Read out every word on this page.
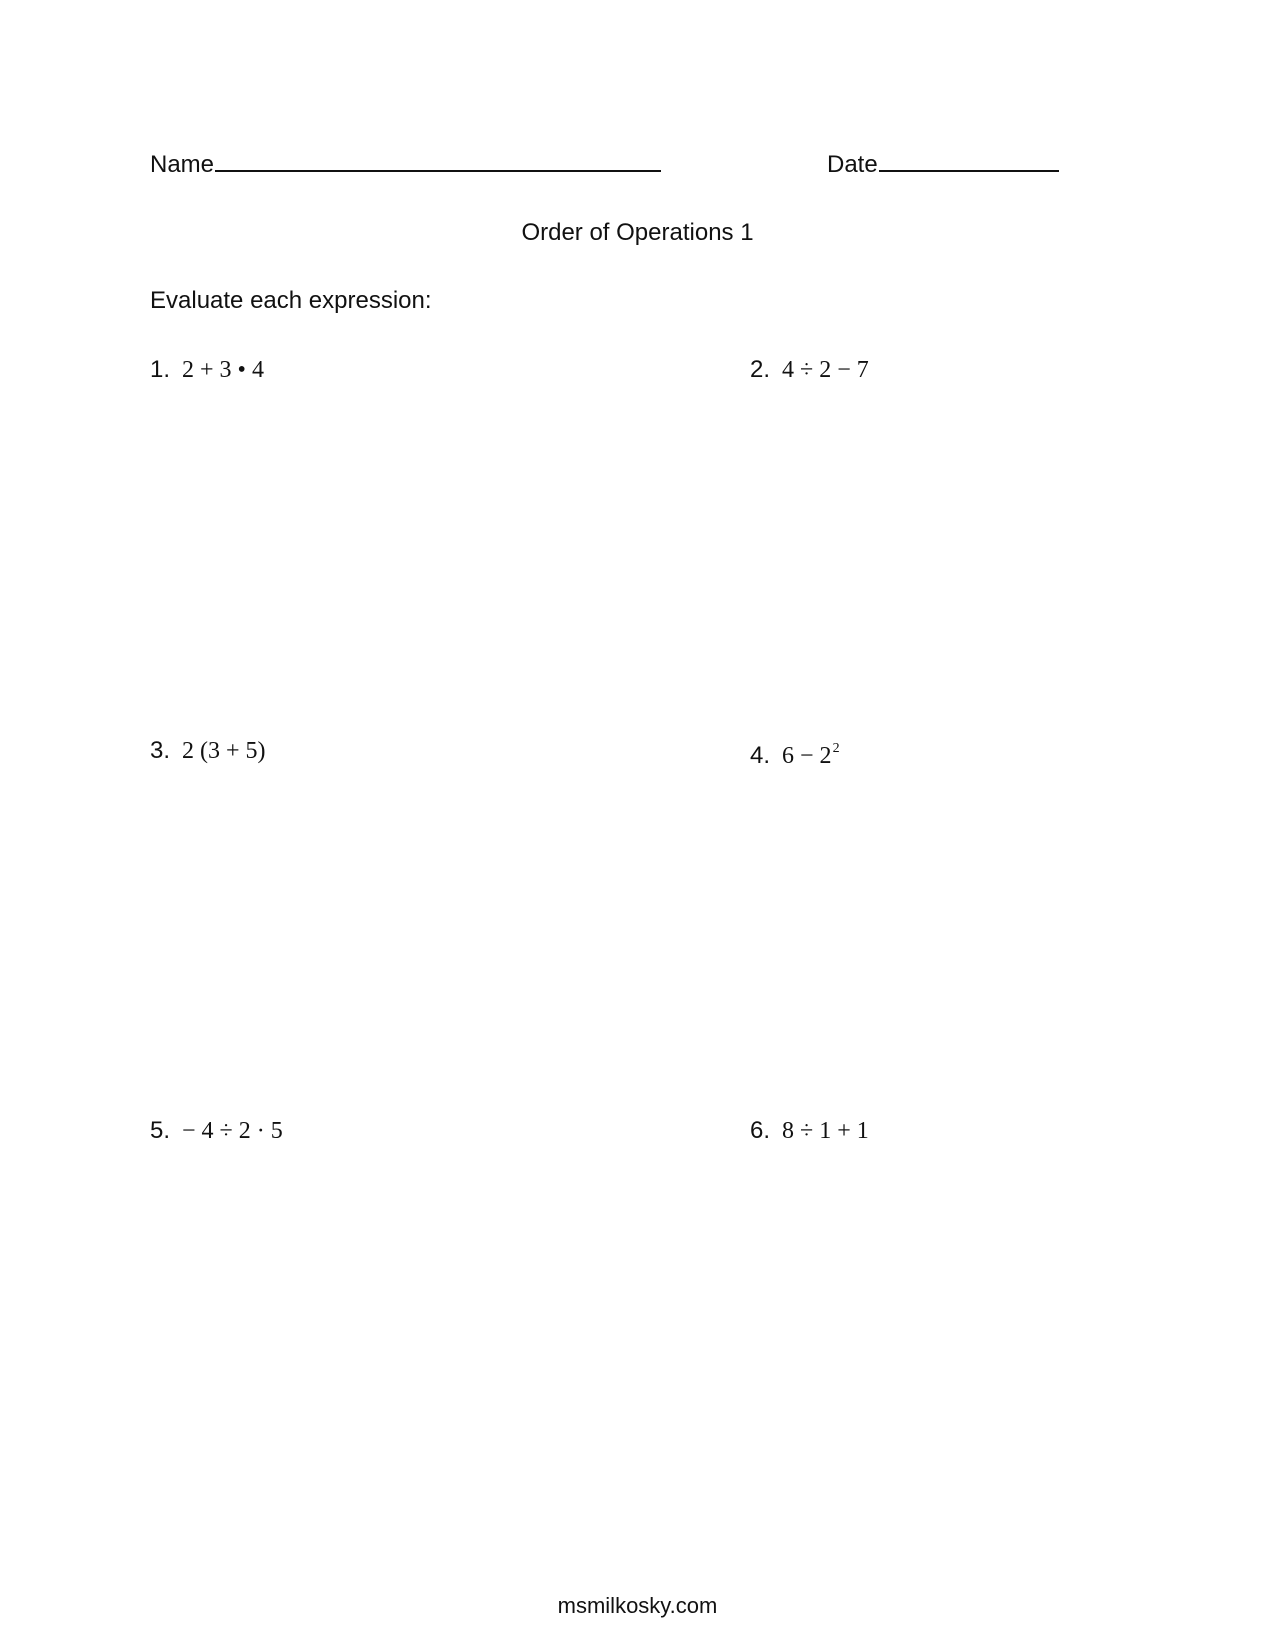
Name	Date
Order of Operations 1
Evaluate each expression:
1. 2 + 3 • 4	2. 4 ÷ 2 − 7
3. 2 (3 + 5)	4. $6 - 2^2$
5. − 4 ÷ 2 · 5	6. 8 ÷ 1 + 1
msmilkosky.com
